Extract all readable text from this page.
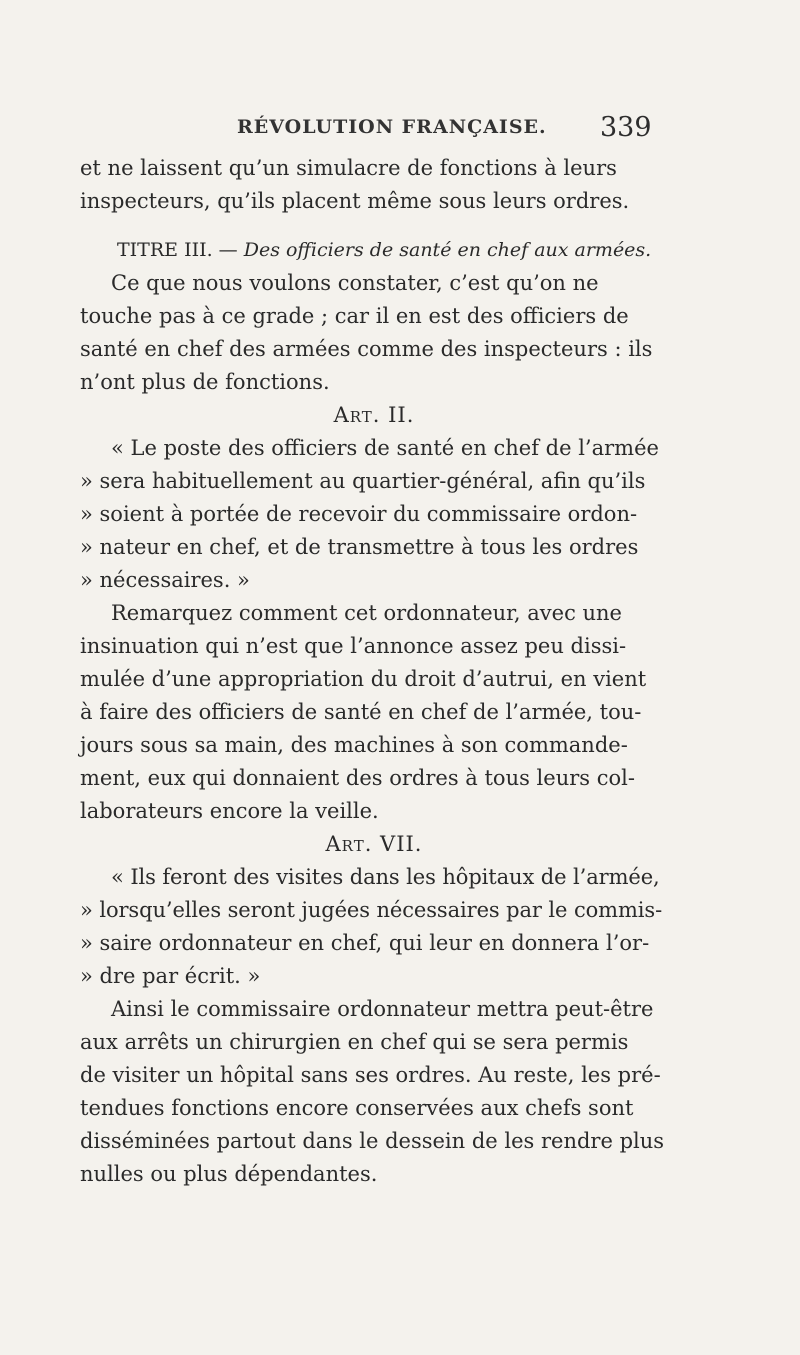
RÉVOLUTION FRANÇAISE. 339
et ne laissent qu’un simulacre de fonctions à leurs
inspecteurs, qu’ils placent même sous leurs ordres.
TITRE III. — Des officiers de santé en chef aux armées.
Ce que nous voulons constater, c’est qu’on ne
touche pas à ce grade ; car il en est des officiers de
santé en chef des armées comme des inspecteurs : ils
n’ont plus de fonctions.
Art. II.
« Le poste des officiers de santé en chef de l’armée
» sera habituellement au quartier-général, afin qu’ils
» soient à portée de recevoir du commissaire ordon-
» nateur en chef, et de transmettre à tous les ordres
» nécessaires. »
Remarquez comment cet ordonnateur, avec une
insinuation qui n’est que l’annonce assez peu dissi-
mulée d’une appropriation du droit d’autrui, en vient
à faire des officiers de santé en chef de l’armée, tou-
jours sous sa main, des machines à son commande-
ment, eux qui donnaient des ordres à tous leurs col-
laborateurs encore la veille.
Art. VII.
« Ils feront des visites dans les hôpitaux de l’armée,
» lorsqu’elles seront jugées nécessaires par le commis-
» saire ordonnateur en chef, qui leur en donnera l’or-
» dre par écrit. »
Ainsi le commissaire ordonnateur mettra peut-être
aux arrêts un chirurgien en chef qui se sera permis
de visiter un hôpital sans ses ordres. Au reste, les pré-
tendues fonctions encore conservées aux chefs sont
disséminées partout dans le dessein de les rendre plus
nulles ou plus dépendantes.
